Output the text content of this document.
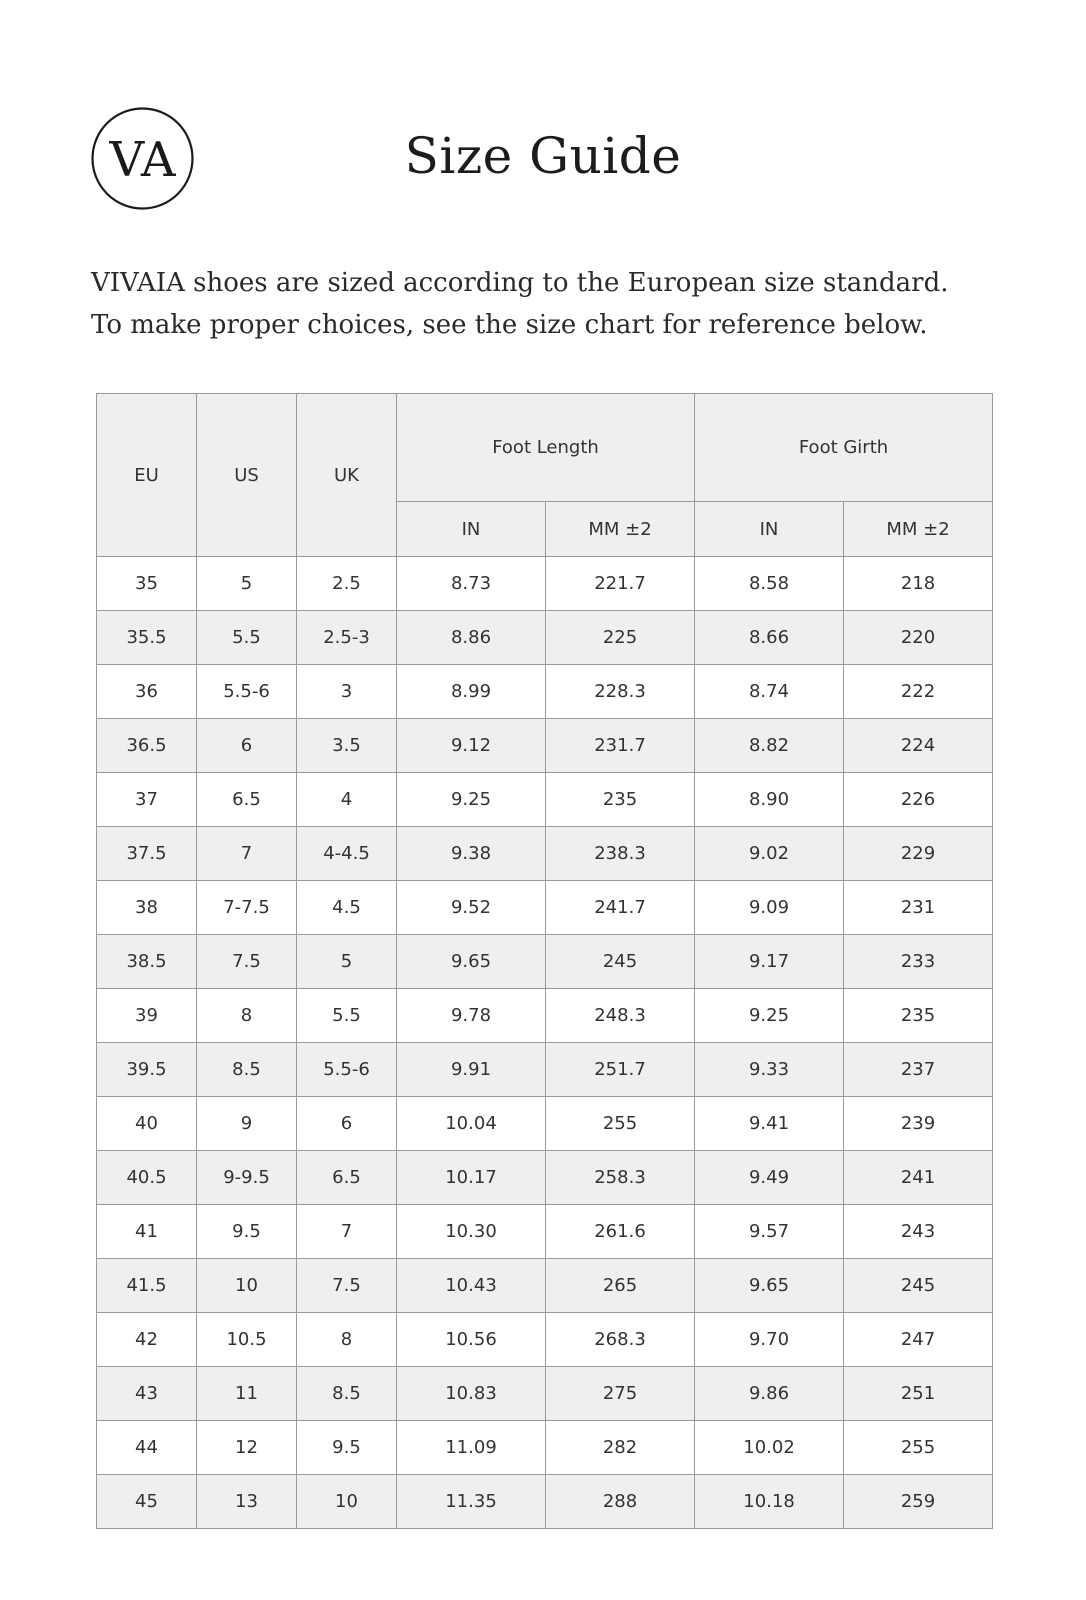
VA	Size Guide

VIVAIA shoes are sized according to the European size standard.
To make proper choices, see the size chart for reference below.

EU	US	UK	Foot Length		Foot Girth	
			IN	MM ±2	IN	MM ±2
35	5	2.5	8.73	221.7	8.58	218
35.5	5.5	2.5-3	8.86	225	8.66	220
36	5.5-6	3	8.99	228.3	8.74	222
36.5	6	3.5	9.12	231.7	8.82	224
37	6.5	4	9.25	235	8.90	226
37.5	7	4-4.5	9.38	238.3	9.02	229
38	7-7.5	4.5	9.52	241.7	9.09	231
38.5	7.5	5	9.65	245	9.17	233
39	8	5.5	9.78	248.3	9.25	235
39.5	8.5	5.5-6	9.91	251.7	9.33	237
40	9	6	10.04	255	9.41	239
40.5	9-9.5	6.5	10.17	258.3	9.49	241
41	9.5	7	10.30	261.6	9.57	243
41.5	10	7.5	10.43	265	9.65	245
42	10.5	8	10.56	268.3	9.70	247
43	11	8.5	10.83	275	9.86	251
44	12	9.5	11.09	282	10.02	255
45	13	10	11.35	288	10.18	259
